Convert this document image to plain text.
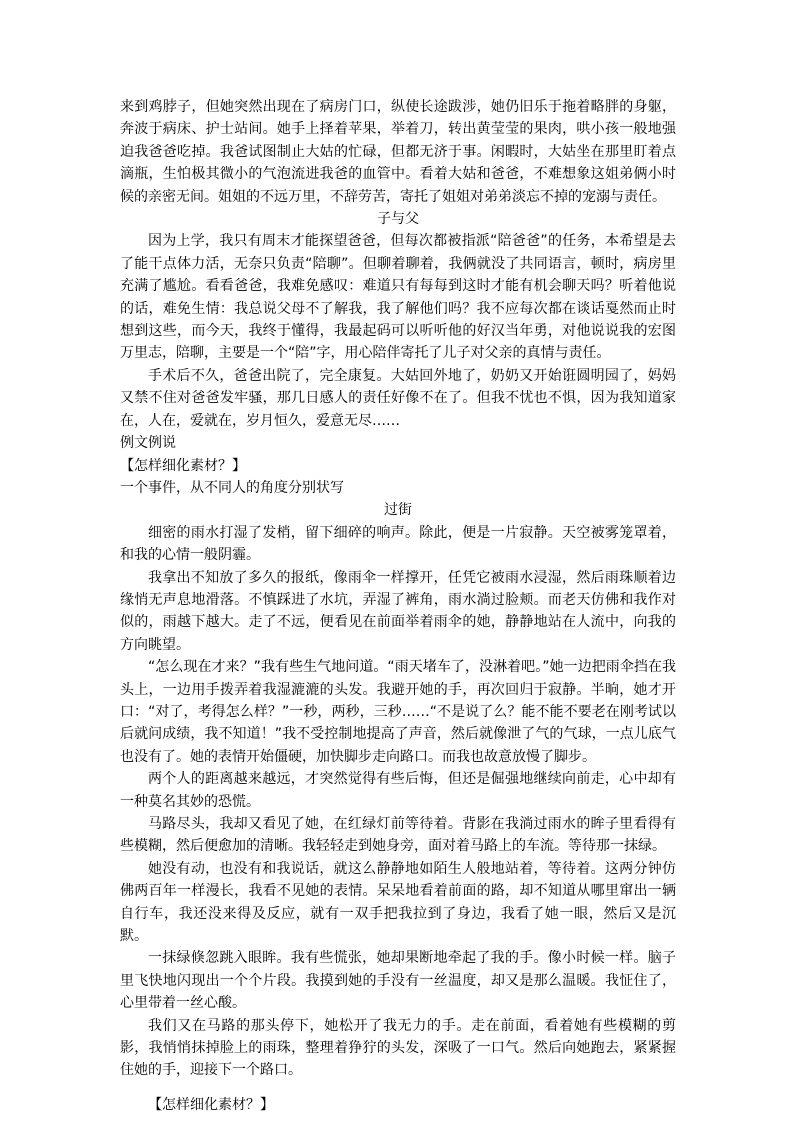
来到鸡脖子，但她突然出现在了病房门口，纵使长途跋涉，她仍旧乐于拖着略胖的身躯，奔波于病床、护士站间。她手上择着苹果，举着刀，转出黄莹莹的果肉，哄小孩一般地强迫我爸爸吃掉。我爸试图制止大姑的忙碌，但都无济于事。闲暇时，大姑坐在那里盯着点滴瓶，生怕极其微小的气泡流进我爸的血管中。看着大姑和爸爸，不难想象这姐弟俩小时候的亲密无间。姐姐的不远万里，不辞劳苦，寄托了姐姐对弟弟淡忘不掉的宠溺与责任。

子与父

因为上学，我只有周末才能探望爸爸，但每次都被指派“陪爸爸”的任务，本希望是去了能干点体力活，无奈只负责“陪聊”。但聊着聊着，我俩就没了共同语言，顿时，病房里充满了尴尬。看看爸爸，我难免感叹：难道只有每每到这时才能有机会聊天吗？听着他说的话，难免生情：我总说父母不了解我，我了解他们吗？我不应每次都在谈话戛然而止时想到这些，而今天，我终于懂得，我最起码可以听听他的好汉当年勇，对他说说我的宏图万里志，陪聊，主要是一个“陪”字，用心陪伴寄托了儿子对父亲的真情与责任。

手术后不久，爸爸出院了，完全康复。大姑回外地了，奶奶又开始诳圆明园了，妈妈又禁不住对爸爸发牢骚，那几日感人的责任好像不在了。但我不忧也不惧，因为我知道家在，人在，爱就在，岁月恒久，爱意无尽……

例文例说

【怎样细化素材？】

一个事件，从不同人的角度分别状写

过街

细密的雨水打湿了发梢，留下细碎的响声。除此，便是一片寂静。天空被雾笼罩着，和我的心情一般阴霾。

我拿出不知放了多久的报纸，像雨伞一样撑开，任凭它被雨水浸湿，然后雨珠顺着边缘悄无声息地滑落。不慎踩进了水坑，弄湿了裤角，雨水淌过脸颊。而老天仿佛和我作对似的，雨越下越大。走了不远，便看见在前面举着雨伞的她，静静地站在人流中，向我的方向眺望。

“怎么现在才来？”我有些生气地问道。“雨天堵车了，没淋着吧。”她一边把雨伞挡在我头上，一边用手拨弄着我湿漉漉的头发。我避开她的手，再次回归于寂静。半晌，她才开口：“对了，考得怎么样？”一秒，两秒，三秒……“不是说了么？能不能不要老在刚考试以后就问成绩，我不知道！”我不受控制地提高了声音，然后就像泄了气的气球，一点儿底气也没有了。她的表情开始僵硬，加快脚步走向路口。而我也故意放慢了脚步。

两个人的距离越来越远，才突然觉得有些后悔，但还是倔强地继续向前走，心中却有一种莫名其妙的恐慌。

马路尽头，我却又看见了她，在红绿灯前等待着。背影在我淌过雨水的眸子里看得有些模糊，然后便愈加的清晰。我轻轻走到她身旁，面对着马路上的车流。等待那一抹绿。

她没有动，也没有和我说话，就这么静静地如陌生人般地站着，等待着。这两分钟仿佛两百年一样漫长，我看不见她的表情。呆呆地看着前面的路，却不知道从哪里窜出一辆自行车，我还没来得及反应，就有一双手把我拉到了身边，我看了她一眼，然后又是沉默。

一抹绿倏忽跳入眼眸。我有些慌张，她却果断地牵起了我的手。像小时候一样。脑子里飞快地闪现出一个个片段。我摸到她的手没有一丝温度，却又是那么温暖。我怔住了，心里带着一丝心酸。

我们又在马路的那头停下，她松开了我无力的手。走在前面，看着她有些模糊的剪影，我悄悄抹掉脸上的雨珠，整理着狰狞的头发，深吸了一口气。然后向她跑去，紧紧握住她的手，迎接下一个路口。

【怎样细化素材？】
